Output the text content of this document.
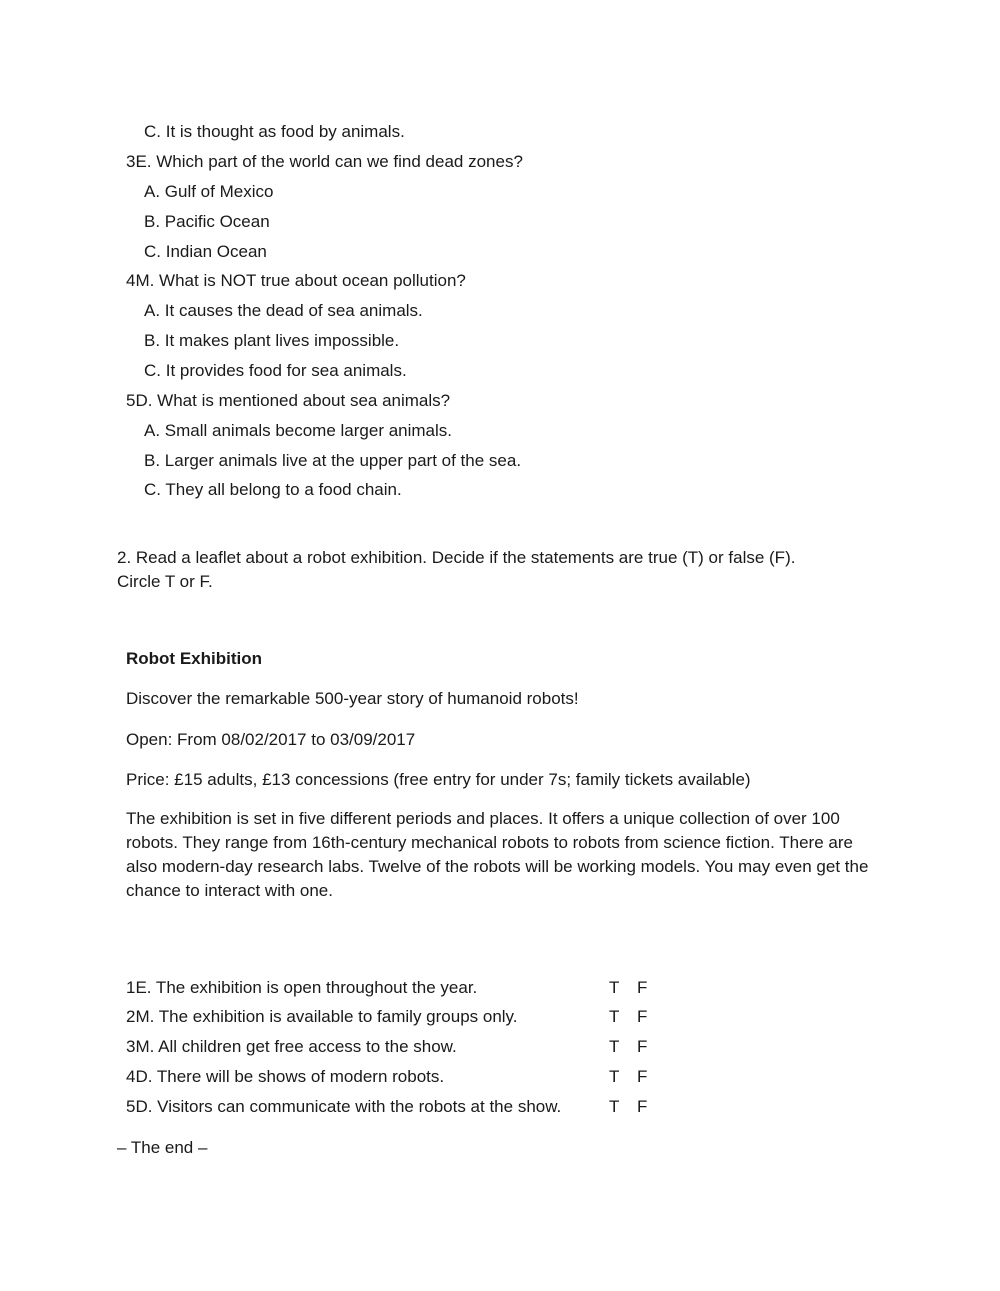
C. It is thought as food by animals.
3E. Which part of the world can we find dead zones?
A. Gulf of Mexico
B. Pacific Ocean
C. Indian Ocean
4M. What is NOT true about ocean pollution?
A. It causes the dead of sea animals.
B. It makes plant lives impossible.
C. It provides food for sea animals.
5D. What is mentioned about sea animals?
A. Small animals become larger animals.
B. Larger animals live at the upper part of the sea.
C. They all belong to a food chain.
2. Read a leaflet about a robot exhibition. Decide if the statements are true (T) or false (F).
Circle T or F.
Robot Exhibition
Discover the remarkable 500-year story of humanoid robots!
Open: From 08/02/2017 to 03/09/2017
Price: £15 adults, £13 concessions (free entry for under 7s; family tickets available)
The exhibition is set in five different periods and places. It offers a unique collection of over 100 robots. They range from 16th-century mechanical robots to robots from science fiction. There are also modern-day research labs. Twelve of the robots will be working models. You may even get the chance to interact with one.
1E. The exhibition is open throughout the year.	T F
2M. The exhibition is available to family groups only.	T F
3M. All children get free access to the show.	T F
4D. There will be shows of modern robots.	T F
5D. Visitors can communicate with the robots at the show.	T F
– The end –
